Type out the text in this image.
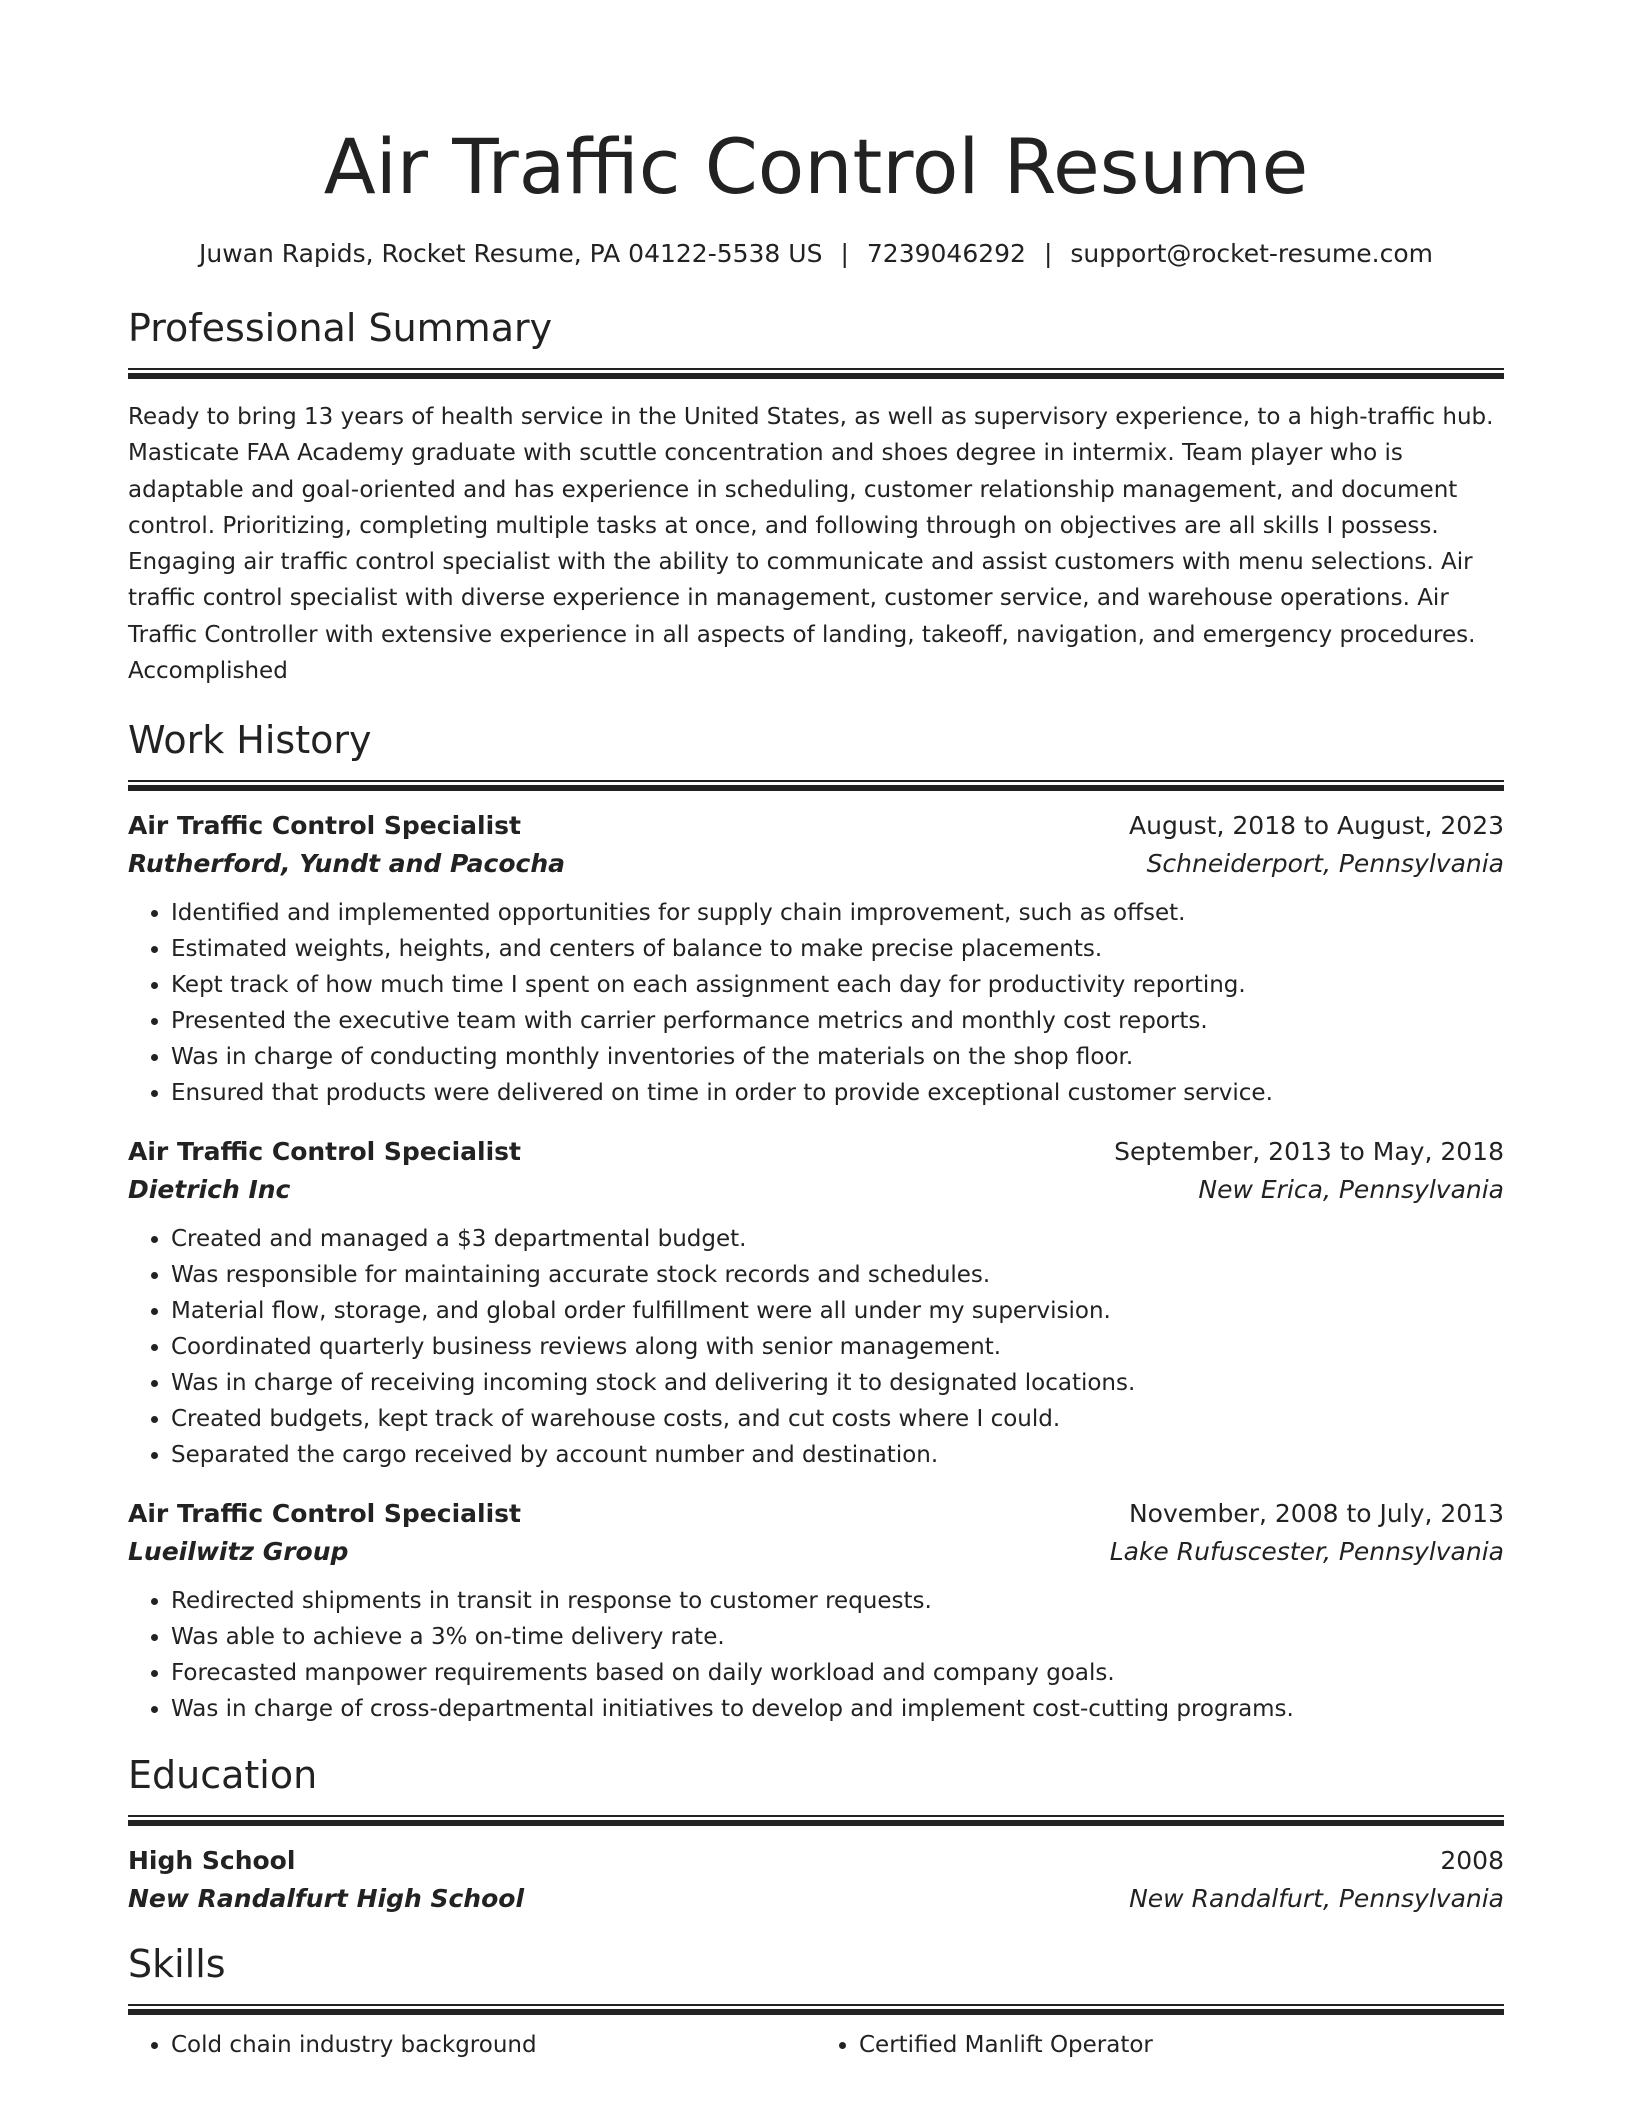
Air Traffic Control Resume
Juwan Rapids, Rocket Resume, PA 04122-5538 US | 7239046292 | support@rocket-resume.com
Professional Summary

Ready to bring 13 years of health service in the United States, as well as supervisory experience, to a high-traffic hub. Masticate FAA Academy graduate with scuttle concentration and shoes degree in intermix. Team player who is adaptable and goal-oriented and has experience in scheduling, customer relationship management, and document control. Prioritizing, completing multiple tasks at once, and following through on objectives are all skills I possess. Engaging air traffic control specialist with the ability to communicate and assist customers with menu selections. Air traffic control specialist with diverse experience in management, customer service, and warehouse operations. Air Traffic Controller with extensive experience in all aspects of landing, takeoff, navigation, and emergency procedures. Accomplished

Work History
Air Traffic Control Specialist	August, 2018 to August, 2023
Rutherford, Yundt and Pacocha	Schneiderport, Pennsylvania
• Identified and implemented opportunities for supply chain improvement, such as offset.
• Estimated weights, heights, and centers of balance to make precise placements.
• Kept track of how much time I spent on each assignment each day for productivity reporting.
• Presented the executive team with carrier performance metrics and monthly cost reports.
• Was in charge of conducting monthly inventories of the materials on the shop floor.
• Ensured that products were delivered on time in order to provide exceptional customer service.
Air Traffic Control Specialist	September, 2013 to May, 2018
Dietrich Inc	New Erica, Pennsylvania
• Created and managed a $3 departmental budget.
• Was responsible for maintaining accurate stock records and schedules.
• Material flow, storage, and global order fulfillment were all under my supervision.
• Coordinated quarterly business reviews along with senior management.
• Was in charge of receiving incoming stock and delivering it to designated locations.
• Created budgets, kept track of warehouse costs, and cut costs where I could.
• Separated the cargo received by account number and destination.
Air Traffic Control Specialist	November, 2008 to July, 2013
Lueilwitz Group	Lake Rufuscester, Pennsylvania
• Redirected shipments in transit in response to customer requests.
• Was able to achieve a 3% on-time delivery rate.
• Forecasted manpower requirements based on daily workload and company goals.
• Was in charge of cross-departmental initiatives to develop and implement cost-cutting programs.
Education
High School	2008
New Randalfurt High School	New Randalfurt, Pennsylvania
Skills
• Cold chain industry background
•	Certified Manlift Operator
